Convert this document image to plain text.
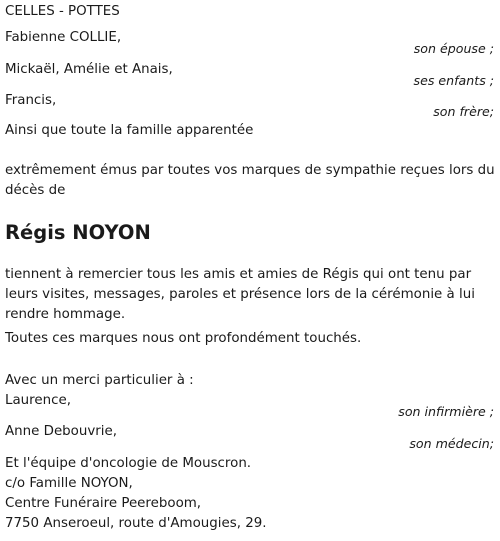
CELLES - POTTES
Fabienne COLLIE,
son épouse ;
Mickaël, Amélie et Anais,
ses enfants ;
Francis,
son frère;
Ainsi que toute la famille apparentée
extrêmement émus par toutes vos marques de sympathie reçues lors du
décès de
Régis NOYON
tiennent à remercier tous les amis et amies de Régis qui ont tenu par
leurs visites, messages, paroles et présence lors de la cérémonie à lui
rendre hommage.
Toutes ces marques nous ont profondément touchés.
Avec un merci particulier à :
Laurence,
son infirmière ;
Anne Debouvrie,
son médecin;
Et l'équipe d'oncologie de Mouscron.
c/o Famille NOYON,
Centre Funéraire Peereboom,
7750 Anseroeul, route d'Amougies, 29.
